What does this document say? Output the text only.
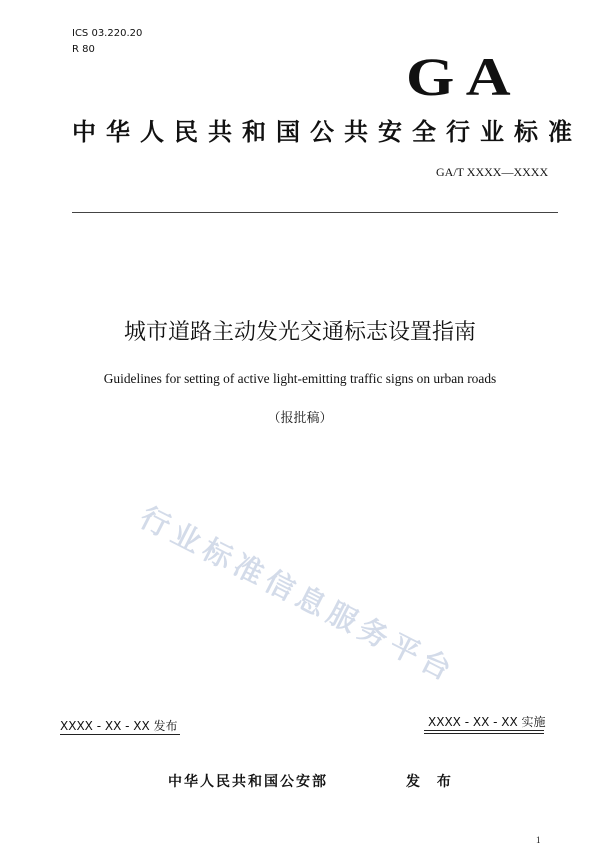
ICS 03.220.20
R 80	GA
中华人民共和国公共安全行业标准
GA/T XXXX—XXXX
城市道路主动发光交通标志设置指南
Guidelines for setting of active light-emitting traffic signs on urban roads
（报批稿）
行业标准信息服务平台
XXXX - XX - XX 发布	XXXX - XX - XX 实施
中华人民共和国公安部	发 布
1
